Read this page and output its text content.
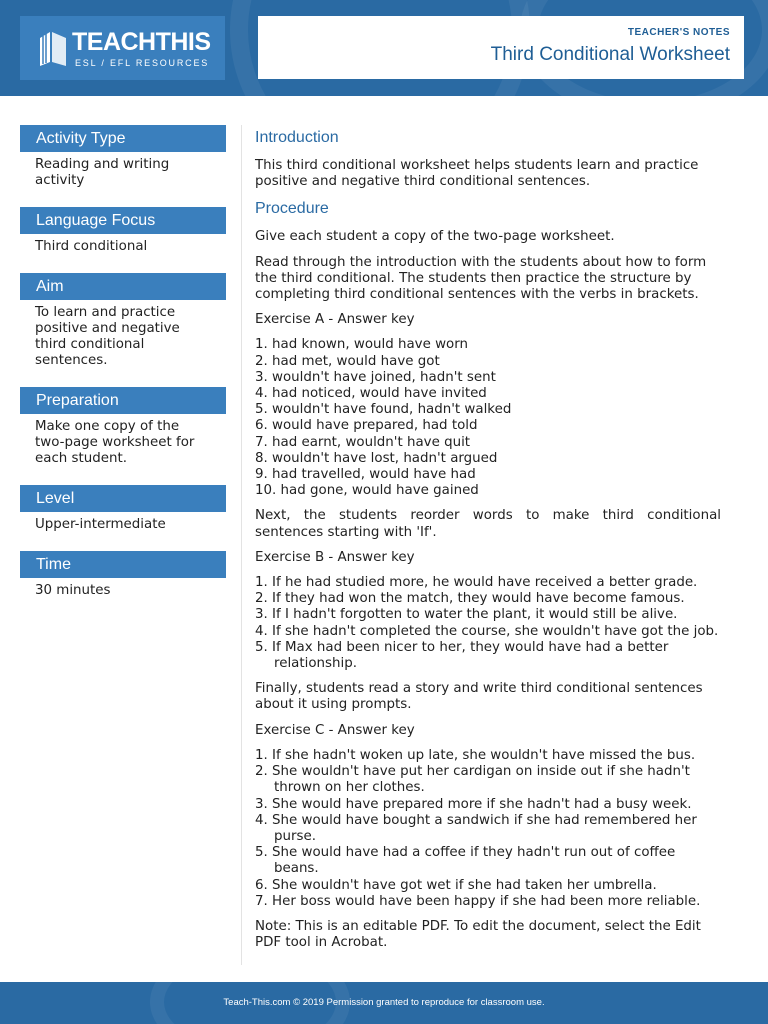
TEACHTHIS
ESL / EFL RESOURCES
TEACHER'S NOTES
Third Conditional Worksheet
Activity Type
Reading and writing activity
Language Focus
Third conditional
Aim
To learn and practice positive and negative third conditional sentences.
Preparation
Make one copy of the two-page worksheet for each student.
Level
Upper-intermediate
Time
30 minutes
Introduction

This third conditional worksheet helps students learn and practice positive and negative third conditional sentences.

Procedure

Give each student a copy of the two-page worksheet.

Read through the introduction with the students about how to form the third conditional. The students then practice the structure by completing third conditional sentences with the verbs in brackets.

Exercise A - Answer key

1. had known, would have worn
2. had met, would have got
3. wouldn't have joined, hadn't sent
4. had noticed, would have invited
5. wouldn't have found, hadn't walked
6. would have prepared, had told
7. had earnt, wouldn't have quit
8. wouldn't have lost, hadn't argued
9. had travelled, would have had
10. had gone, would have gained

Next, the students reorder words to make third conditional sentences starting with 'If'.

Exercise B - Answer key

1. If he had studied more, he would have received a better grade.
2. If they had won the match, they would have become famous.
3. If I hadn't forgotten to water the plant, it would still be alive.
4. If she hadn't completed the course, she wouldn't have got the job.
5. If Max had been nicer to her, they would have had a better relationship.

Finally, students read a story and write third conditional sentences about it using prompts.

Exercise C - Answer key

1. If she hadn't woken up late, she wouldn't have missed the bus.
2. She wouldn't have put her cardigan on inside out if she hadn't thrown on her clothes.
3. She would have prepared more if she hadn't had a busy week.
4. She would have bought a sandwich if she had remembered her purse.
5. She would have had a coffee if they hadn't run out of coffee beans.
6. She wouldn't have got wet if she had taken her umbrella.
7. Her boss would have been happy if she had been more reliable.

Note: This is an editable PDF. To edit the document, select the Edit PDF tool in Acrobat.

Teach-This.com © 2019 Permission granted to reproduce for classroom use.
